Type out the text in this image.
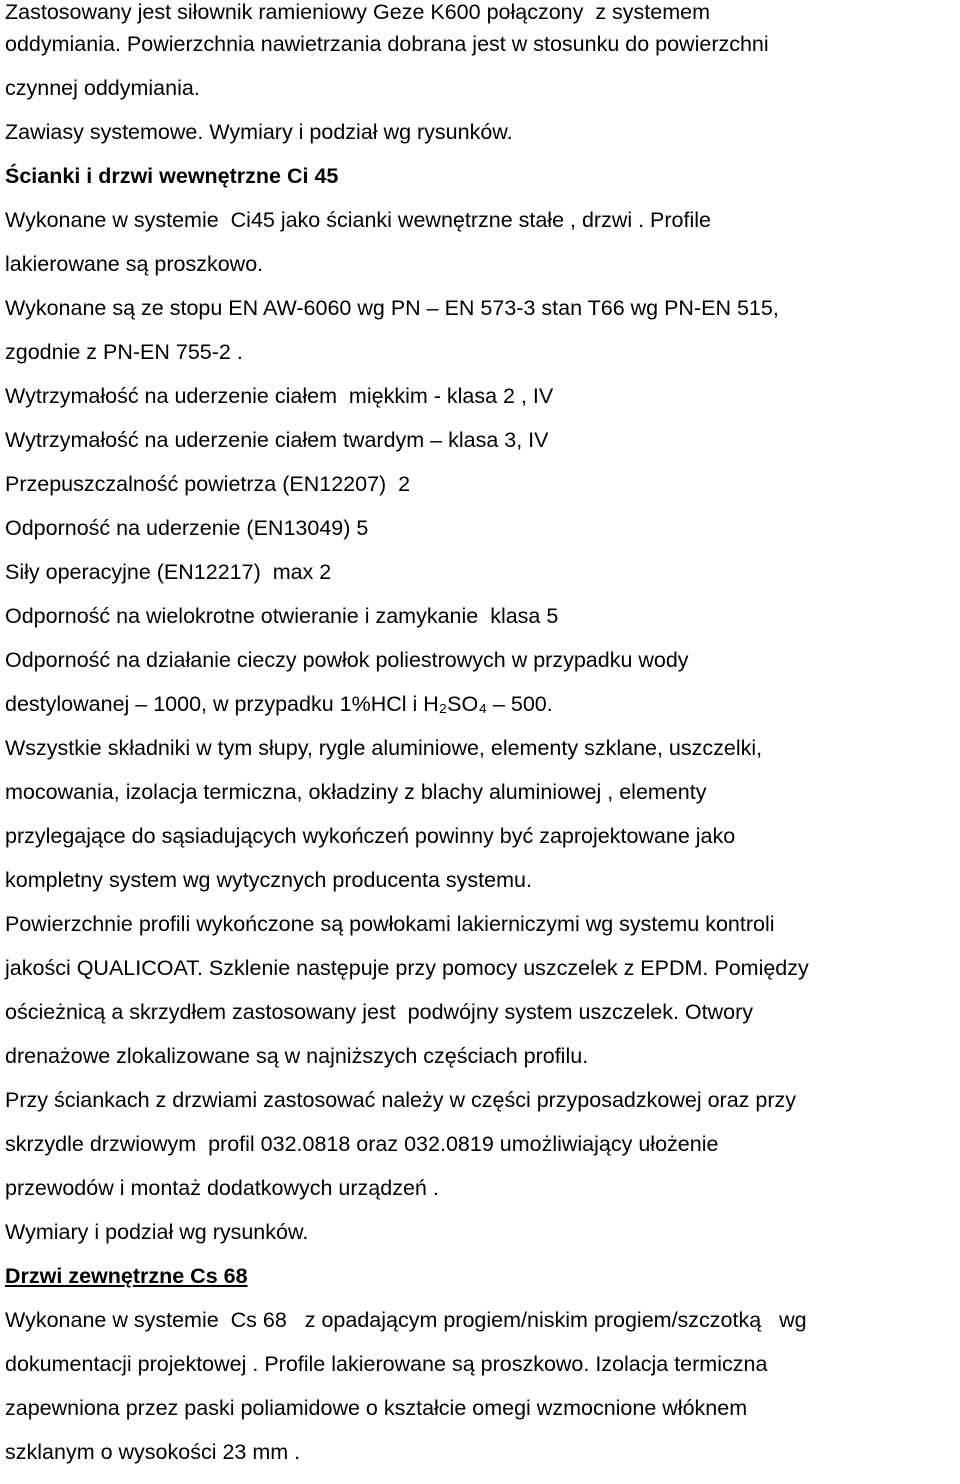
Zastosowany jest siłownik ramieniowy Geze K600 połączony  z systemem
oddymiania. Powierzchnia nawietrzania dobrana jest w stosunku do powierzchni
czynnej oddymiania.
Zawiasy systemowe. Wymiary i podział wg rysunków.
Ścianki i drzwi wewnętrzne Ci 45
Wykonane w systemie  Ci45 jako ścianki wewnętrzne stałe , drzwi . Profile
lakierowane są proszkowo.
Wykonane są ze stopu EN AW-6060 wg PN – EN 573-3 stan T66 wg PN-EN 515,
zgodnie z PN-EN 755-2 .
Wytrzymałość na uderzenie ciałem  miękkim - klasa 2 , IV
Wytrzymałość na uderzenie ciałem twardym – klasa 3, IV
Przepuszczalność powietrza (EN12207)  2
Odporność na uderzenie (EN13049) 5
Siły operacyjne (EN12217)  max 2
Odporność na wielokrotne otwieranie i zamykanie  klasa 5
Odporność na działanie cieczy powłok poliestrowych w przypadku wody
destylowanej – 1000, w przypadku 1%HCl i H₂SO₄ – 500.
Wszystkie składniki w tym słupy, rygle aluminiowe, elementy szklane, uszczelki,
mocowania, izolacja termiczna, okładziny z blachy aluminiowej , elementy
przylegające do sąsiadujących wykończeń powinny być zaprojektowane jako
kompletny system wg wytycznych producenta systemu.
Powierzchnie profili wykończone są powłokami lakierniczymi wg systemu kontroli
jakości QUALICOAT. Szklenie następuje przy pomocy uszczelek z EPDM. Pomiędzy
ościeżnicą a skrzydłem zastosowany jest  podwójny system uszczelek. Otwory
drenażowe zlokalizowane są w najniższych częściach profilu.
Przy ściankach z drzwiami zastosować należy w części przyposadzkowej oraz przy
skrzydle drzwiowym  profil 032.0818 oraz 032.0819 umożliwiający ułożenie
przewodów i montaż dodatkowych urządzeń .
Wymiary i podział wg rysunków.
Drzwi zewnętrzne Cs 68
Wykonane w systemie  Cs 68   z opadającym progiem/niskim progiem/szczotką   wg
dokumentacji projektowej . Profile lakierowane są proszkowo. Izolacja termiczna
zapewniona przez paski poliamidowe o kształcie omegi wzmocnione włóknem
szklanym o wysokości 23 mm .
